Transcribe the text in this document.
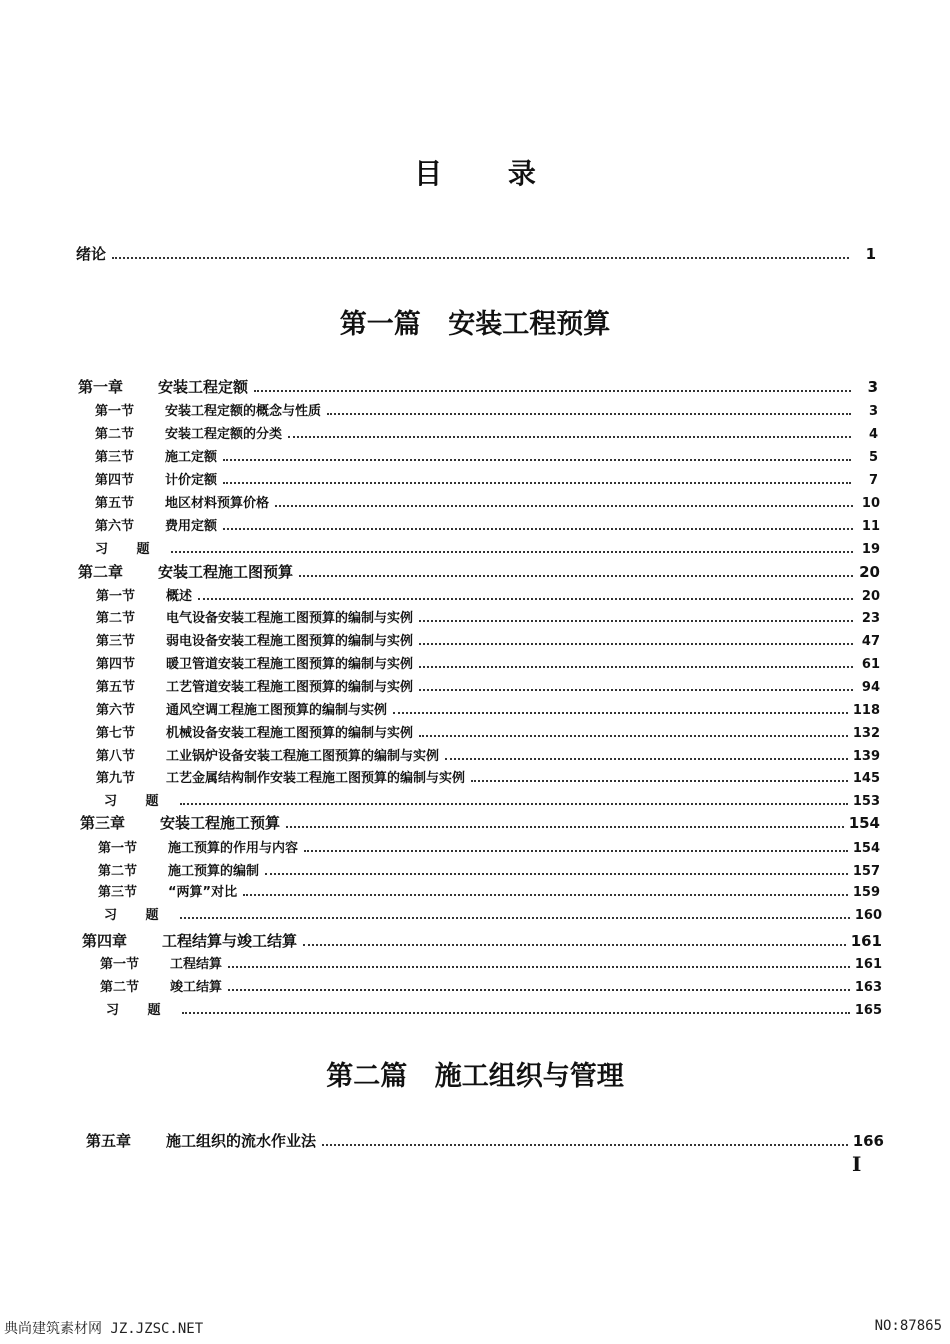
目 录
绪论	1
第一篇 安装工程预算
第一章	安装工程定额	3
第一节	安装工程定额的概念与性质	3
第二节	安装工程定额的分类	4
第三节	施工定额	5
第四节	计价定额	7
第五节	地区材料预算价格	10
第六节	费用定额	11
习 题	19
第二章	安装工程施工图预算	20
第一节	概述	20
第二节	电气设备安装工程施工图预算的编制与实例	23
第三节	弱电设备安装工程施工图预算的编制与实例	47
第四节	暖卫管道安装工程施工图预算的编制与实例	61
第五节	工艺管道安装工程施工图预算的编制与实例	94
第六节	通风空调工程施工图预算的编制与实例	118
第七节	机械设备安装工程施工图预算的编制与实例	132
第八节	工业锅炉设备安装工程施工图预算的编制与实例	139
第九节	工艺金属结构制作安装工程施工图预算的编制与实例	145
习 题	153
第三章	安装工程施工预算	154
第一节	施工预算的作用与内容	154
第二节	施工预算的编制	157
第三节	“两算”对比	159
习 题	160
第四章	工程结算与竣工结算	161
第一节	工程结算	161
第二节	竣工结算	163
习 题	165
第二篇 施工组织与管理
第五章	施工组织的流水作业法	166
I
典尚建筑素材网 JZ.JZSC.NET	NO:87865
